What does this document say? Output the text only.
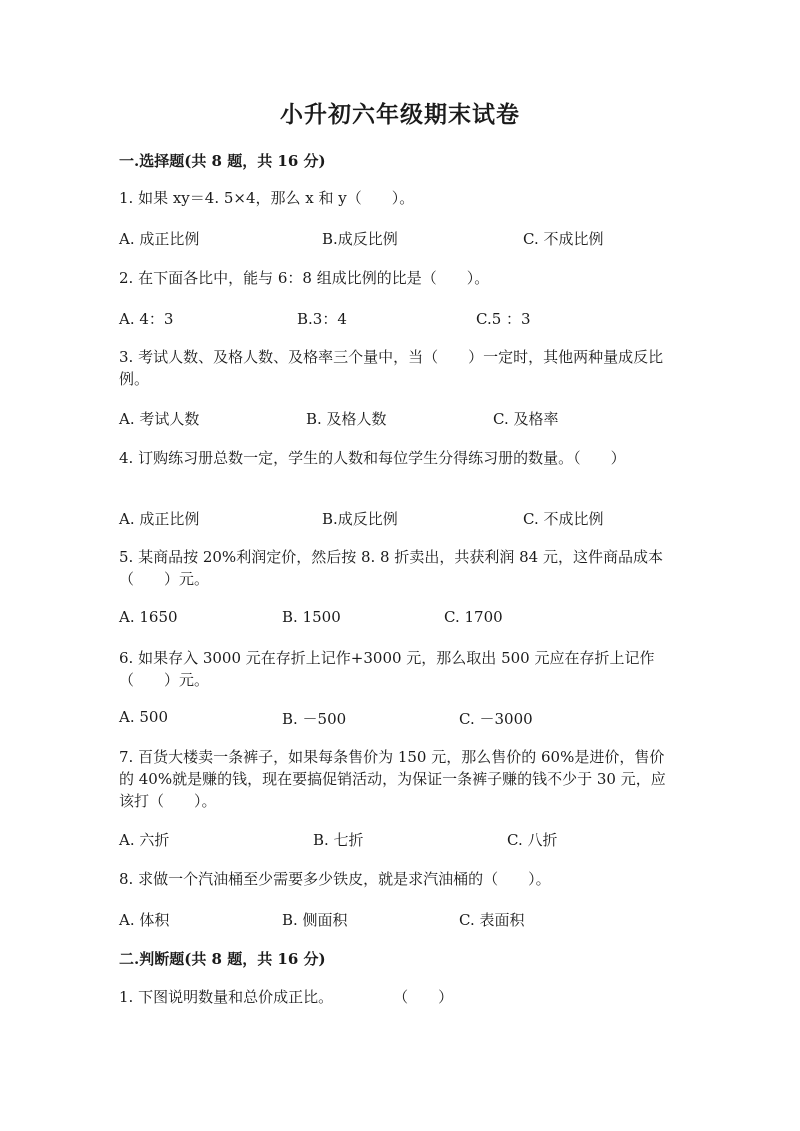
小升初六年级期末试卷
一.选择题(共 8 题，共 16 分)
1. 如果 xy＝4. 5×4，那么 x 和 y（　　）。
A. 成正比例	B.成反比例	C. 不成比例
2. 在下面各比中，能与 6：8 组成比例的比是（　　）。
A. 4：3	B.3：4	C.5 ：3
3. 考试人数、及格人数、及格率三个量中，当（　　）一定时，其他两种量成反比例。
A. 考试人数	B. 及格人数	C. 及格率
4. 订购练习册总数一定，学生的人数和每位学生分得练习册的数量。（　　）
A. 成正比例	B.成反比例	C. 不成比例
5. 某商品按 20%利润定价，然后按 8. 8 折卖出，共获利润 84 元，这件商品成本（　　）元。
A. 1650	B. 1500	C. 1700
6. 如果存入 3000 元在存折上记作+3000 元，那么取出 500 元应在存折上记作（　　）元。
A. 500	B. －500	C. －3000
7. 百货大楼卖一条裤子，如果每条售价为 150 元，那么售价的 60%是进价，售价的 40%就是赚的钱，现在要搞促销活动，为保证一条裤子赚的钱不少于 30 元，应该打（　　）。
A. 六折	B. 七折	C. 八折
8. 求做一个汽油桶至少需要多少铁皮，就是求汽油桶的（　　）。
A. 体积	B. 侧面积	C. 表面积
二.判断题(共 8 题，共 16 分)
1. 下图说明数量和总价成正比。　　　　　（　　）
